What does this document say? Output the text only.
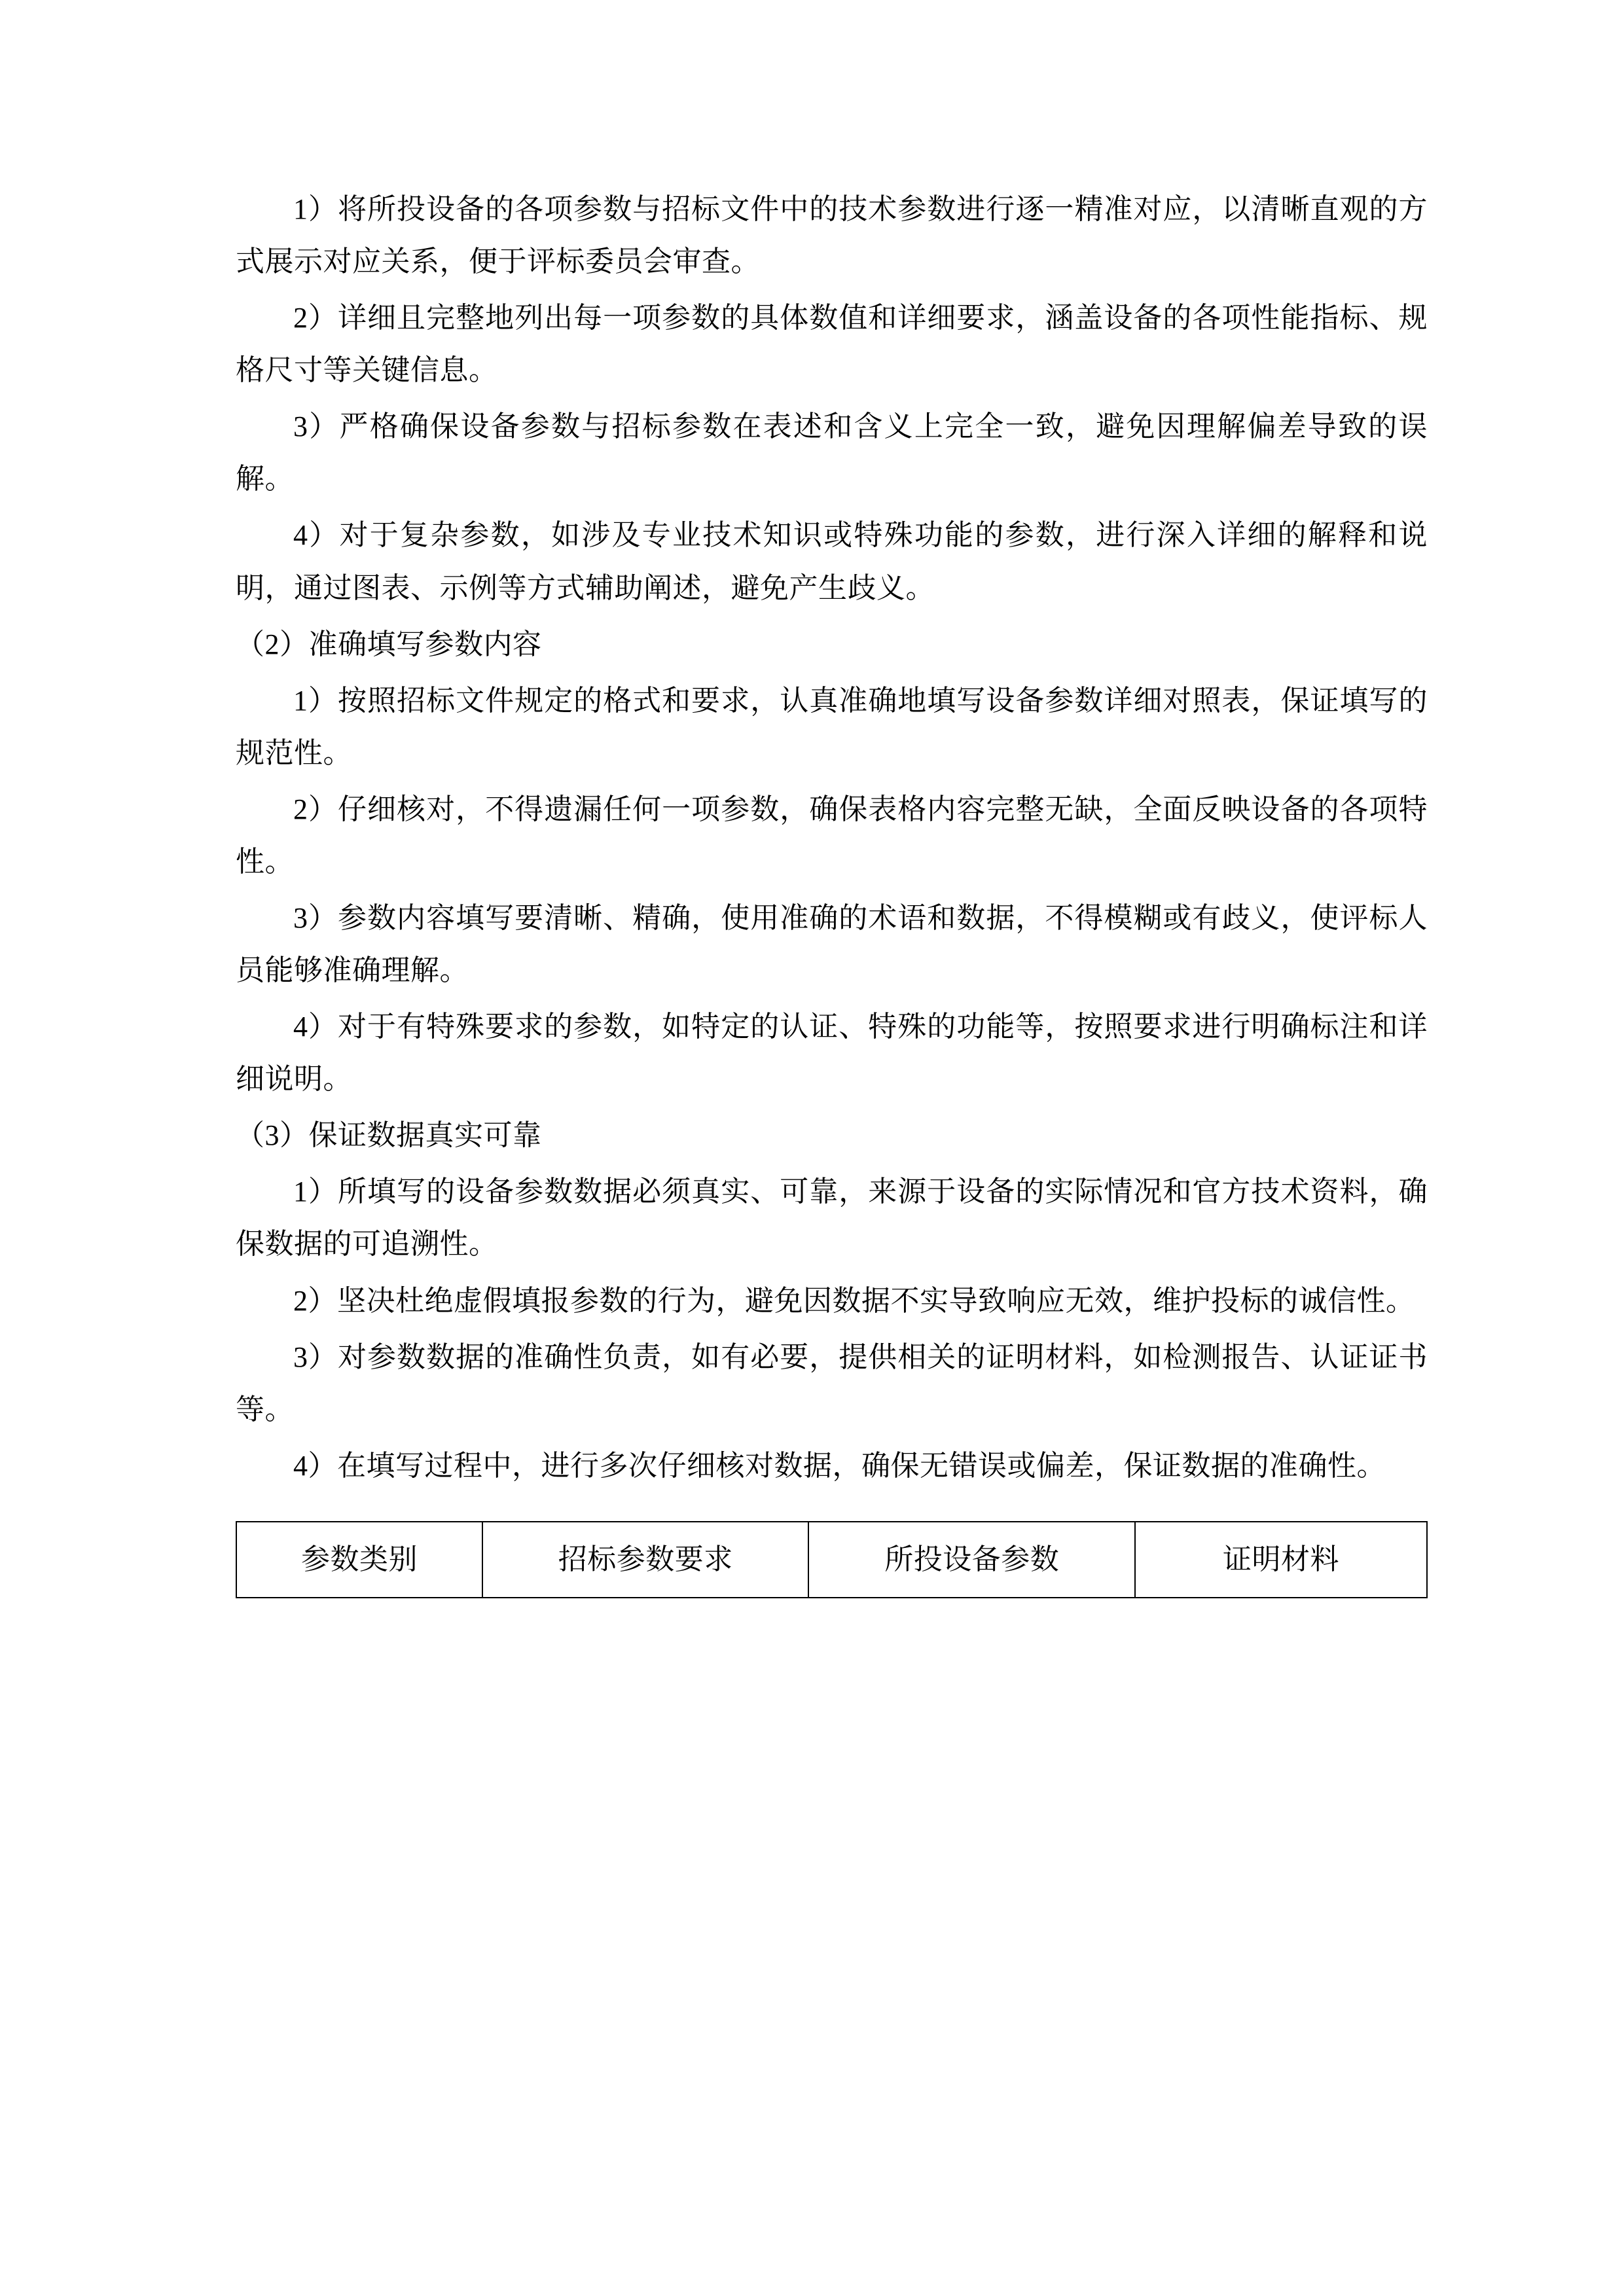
1）将所投设备的各项参数与招标文件中的技术参数进行逐一精准对应，以清晰直观的方式展示对应关系，便于评标委员会审查。

2）详细且完整地列出每一项参数的具体数值和详细要求，涵盖设备的各项性能指标、规格尺寸等关键信息。

3）严格确保设备参数与招标参数在表述和含义上完全一致，避免因理解偏差导致的误解。

4）对于复杂参数，如涉及专业技术知识或特殊功能的参数，进行深入详细的解释和说明，通过图表、示例等方式辅助阐述，避免产生歧义。

（2）准确填写参数内容

1）按照招标文件规定的格式和要求，认真准确地填写设备参数详细对照表，保证填写的规范性。

2）仔细核对，不得遗漏任何一项参数，确保表格内容完整无缺，全面反映设备的各项特性。

3）参数内容填写要清晰、精确，使用准确的术语和数据，不得模糊或有歧义，使评标人员能够准确理解。

4）对于有特殊要求的参数，如特定的认证、特殊的功能等，按照要求进行明确标注和详细说明。

（3）保证数据真实可靠

1）所填写的设备参数数据必须真实、可靠，来源于设备的实际情况和官方技术资料，确保数据的可追溯性。

2）坚决杜绝虚假填报参数的行为，避免因数据不实导致响应无效，维护投标的诚信性。

3）对参数数据的准确性负责，如有必要，提供相关的证明材料，如检测报告、认证证书等。

4）在填写过程中，进行多次仔细核对数据，确保无错误或偏差，保证数据的准确性。

参数类别	招标参数要求	所投设备参数	证明材料
